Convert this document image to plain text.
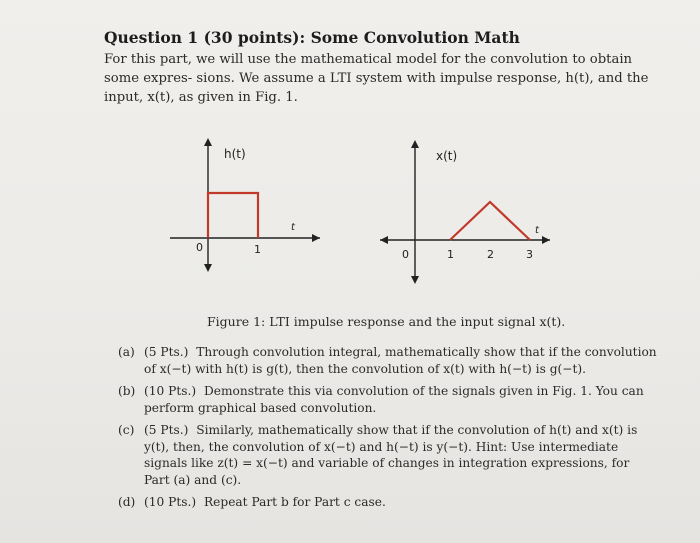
Question 1 (30 points): Some Convolution Math
For this part, we will use the mathematical model for the convolution to obtain some expres- sions. We assume a LTI system with impulse response, h(t), and the input, x(t), as given in Fig. 1.
h(t)
t
0	1
x(t)
t
0	1	2	3
Figure 1: LTI impulse response and the input signal x(t).
(a) (5 Pts.) Through convolution integral, mathematically show that if the convolution of x(−t) with h(t) is g(t), then the convolution of x(t) with h(−t) is g(−t).
(b) (10 Pts.) Demonstrate this via convolution of the signals given in Fig. 1. You can perform graphical based convolution.
(c) (5 Pts.) Similarly, mathematically show that if the convolution of h(t) and x(t) is y(t), then, the convolution of x(−t) and h(−t) is y(−t). Hint: Use intermediate signals like z(t) = x(−t) and variable of changes in integration expressions, for Part (a) and (c).
(d) (10 Pts.) Repeat Part b for Part c case.
